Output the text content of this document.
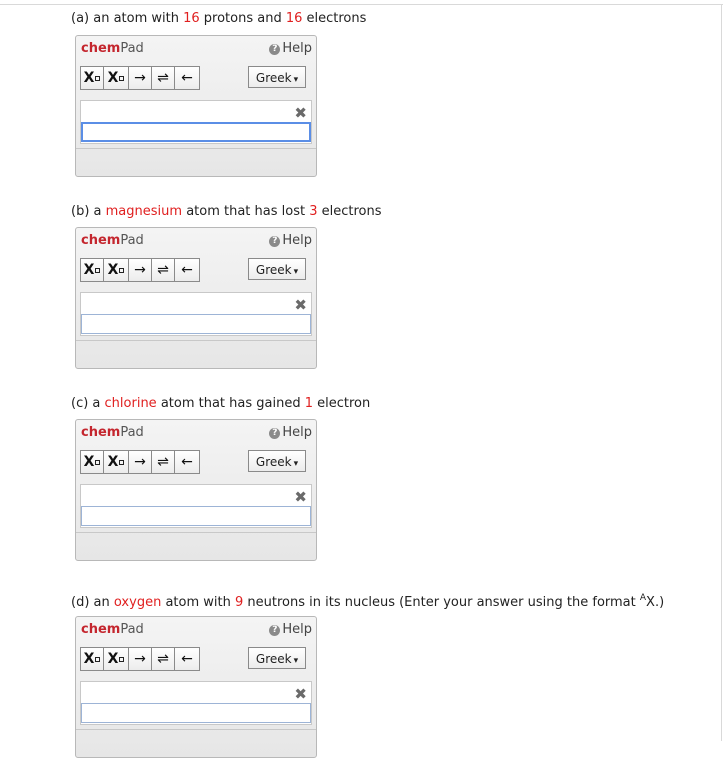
(a) an atom with 16 protons and 16 electrons
chemPad	? Help
X X → ⇌ ←	Greek ▾
✖
(b) a magnesium atom that has lost 3 electrons
chemPad	? Help
X X → ⇌ ←	Greek ▾
✖
(c) a chlorine atom that has gained 1 electron
chemPad	? Help
X X → ⇌ ←	Greek ▾
✖
(d) an oxygen atom with 9 neutrons in its nucleus (Enter your answer using the format $^A$X.)
chemPad	? Help
X X → ⇌ ←	Greek ▾
✖
